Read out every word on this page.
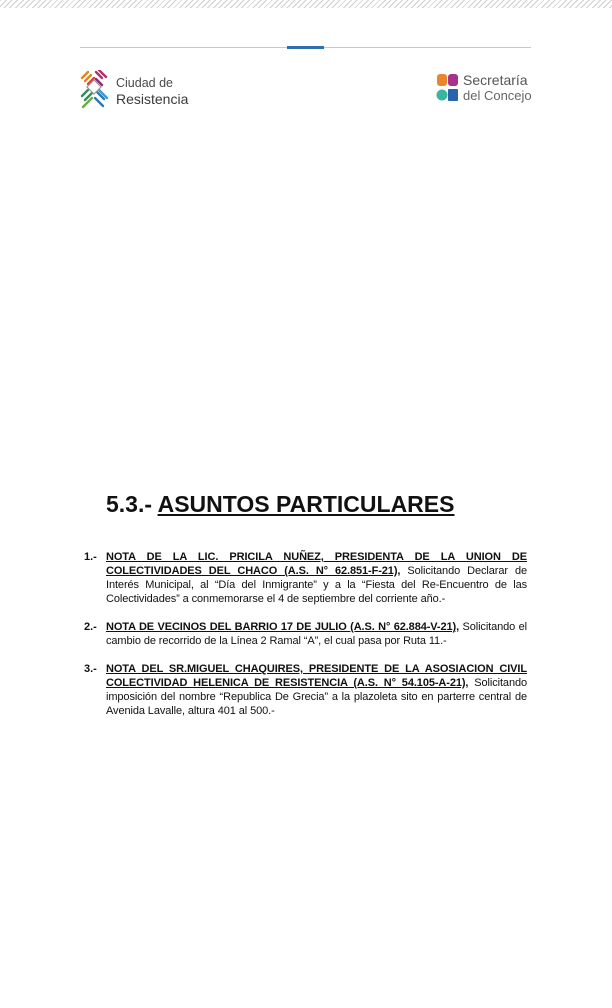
Ciudad de
Resistencia
Secretaría
del Concejo
5.3.- ASUNTOS PARTICULARES
1.- NOTA DE LA LIC. PRICILA NUÑEZ, PRESIDENTA DE LA UNION DE COLECTIVIDADES DEL CHACO (A.S. N° 62.851-F-21), Solicitando Declarar de Interés Municipal, al “Día del Inmigrante” y a la “Fiesta del Re-Encuentro de las Colectividades” a conmemorarse el 4 de septiembre del corriente año.-

2.- NOTA DE VECINOS DEL BARRIO 17 DE JULIO (A.S. N° 62.884-V-21), Solicitando el cambio de recorrido de la Línea 2 Ramal “A”, el cual pasa por Ruta 11.-

3.- NOTA DEL SR.MIGUEL CHAQUIRES, PRESIDENTE DE LA ASOSIACION CIVIL COLECTIVIDAD HELENICA DE RESISTENCIA (A.S. N° 54.105-A-21), Solicitando imposición del nombre “Republica De Grecia” a la plazoleta sito en parterre central de Avenida Lavalle, altura 401 al 500.-
